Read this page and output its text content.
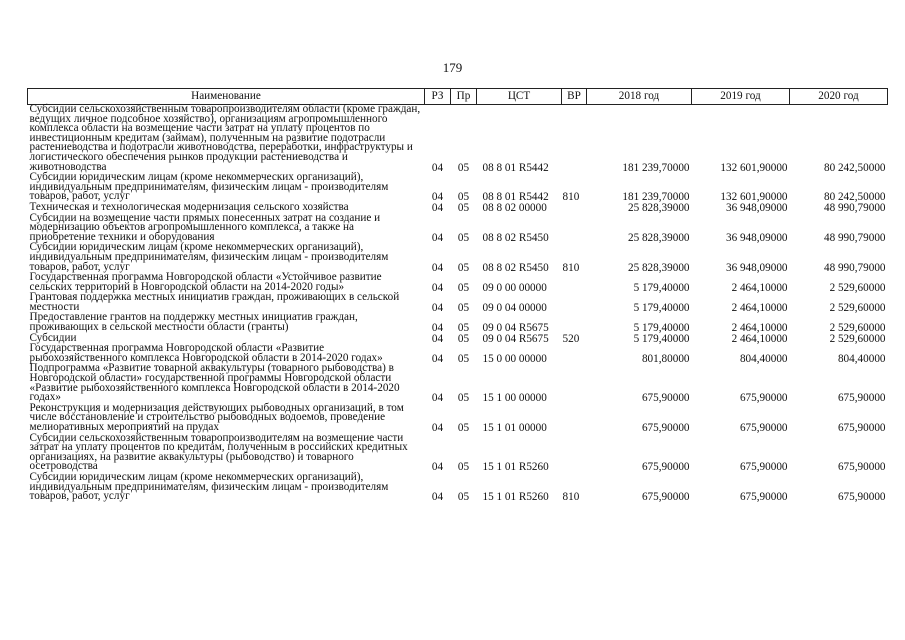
179
Наименование	РЗ	Пр	ЦСТ	ВР	2018 год	2019 год	2020 год
Субсидии сельскохозяйственным товаропроизводителям области (кроме граждан, ведущих личное подсобное хозяйство), организациям агропромышленного комплекса области на возмещение части затрат на уплату процентов по инвестиционным кредитам (займам), полученным на развитие подотрасли растениеводства и подотрасли животноводства, переработки, инфраструктуры и логистического обеспечения рынков продукции растениеводства и животноводства	04	05	08 8 01 R5442		181 239,70000	132 601,90000	80 242,50000
Субсидии юридическим лицам (кроме некоммерческих организаций), индивидуальным предпринимателям, физическим лицам - производителям товаров, работ, услуг	04	05	08 8 01 R5442	810	181 239,70000	132 601,90000	80 242,50000
Техническая и технологическая модернизация сельского хозяйства	04	05	08 8 02 00000		25 828,39000	36 948,09000	48 990,79000
Субсидии на возмещение части прямых понесенных затрат на создание и модернизацию объектов агропромышленного комплекса, а также на приобретение техники и оборудования	04	05	08 8 02 R5450		25 828,39000	36 948,09000	48 990,79000
Субсидии юридическим лицам (кроме некоммерческих организаций), индивидуальным предпринимателям, физическим лицам - производителям товаров, работ, услуг	04	05	08 8 02 R5450	810	25 828,39000	36 948,09000	48 990,79000
Государственная программа Новгородской области «Устойчивое развитие сельских территорий в Новгородской области на 2014-2020 годы»	04	05	09 0 00 00000		5 179,40000	2 464,10000	2 529,60000
Грантовая поддержка местных инициатив граждан, проживающих в сельской местности	04	05	09 0 04 00000		5 179,40000	2 464,10000	2 529,60000
Предоставление грантов на поддержку местных инициатив граждан, проживающих в сельской местности области (гранты)	04	05	09 0 04 R5675		5 179,40000	2 464,10000	2 529,60000
Субсидии	04	05	09 0 04 R5675	520	5 179,40000	2 464,10000	2 529,60000
Государственная программа Новгородской области «Развитие рыбохозяйственного комплекса Новгородской области в 2014-2020 годах»	04	05	15 0 00 00000		801,80000	804,40000	804,40000
Подпрограмма «Развитие товарной аквакультуры (товарного рыбоводства) в Новгородской области» государственной программы Новгородской области «Развитие рыбохозяйственного комплекса Новгородской области в 2014-2020 годах»	04	05	15 1 00 00000		675,90000	675,90000	675,90000
Реконструкция и модернизация действующих рыбоводных организаций, в том числе восстановление и строительство рыбоводных водоемов, проведение мелиоративных мероприятий на прудах	04	05	15 1 01 00000		675,90000	675,90000	675,90000
Субсидии сельскохозяйственным товаропроизводителям на возмещение части затрат на уплату процентов по кредитам, полученным в российских кредитных организациях, на развитие аквакультуры (рыбоводство) и товарного осетроводства	04	05	15 1 01 R5260		675,90000	675,90000	675,90000
Субсидии юридическим лицам (кроме некоммерческих организаций), индивидуальным предпринимателям, физическим лицам - производителям товаров, работ, услуг	04	05	15 1 01 R5260	810	675,90000	675,90000	675,90000
